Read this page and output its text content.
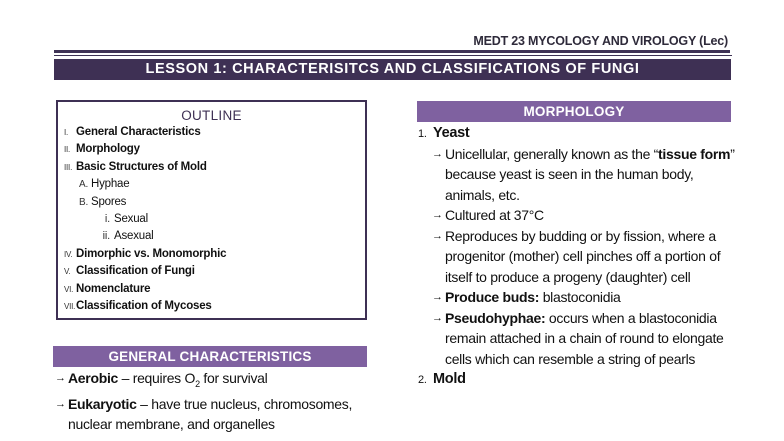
MEDT 23 MYCOLOGY AND VIROLOGY (Lec)
LESSON 1: CHARACTERISITCS AND CLASSIFICATIONS OF FUNGI
OUTLINE
I. General Characteristics
II. Morphology
III. Basic Structures of Mold
A. Hyphae
B. Spores
i. Sexual
ii. Asexual
IV. Dimorphic vs. Monomorphic
V. Classification of Fungi
VI. Nomenclature
VII.Classification of Mycoses
GENERAL CHARACTERISTICS
→ Aerobic – requires $O_2$ for survival
→ Eukaryotic – have true nucleus, chromosomes, nuclear membrane, and organelles
MORPHOLOGY
1. Yeast
→ Unicellular, generally known as the “tissue form” because yeast is seen in the human body, animals, etc.
→ Cultured at 37°C
→ Reproduces by budding or by fission, where a progenitor (mother) cell pinches off a portion of itself to produce a progeny (daughter) cell
→ Produce buds: blastoconidia
→ Pseudohyphae: occurs when a blastoconidia remain attached in a chain of round to elongate cells which can resemble a string of pearls
2. Mold
